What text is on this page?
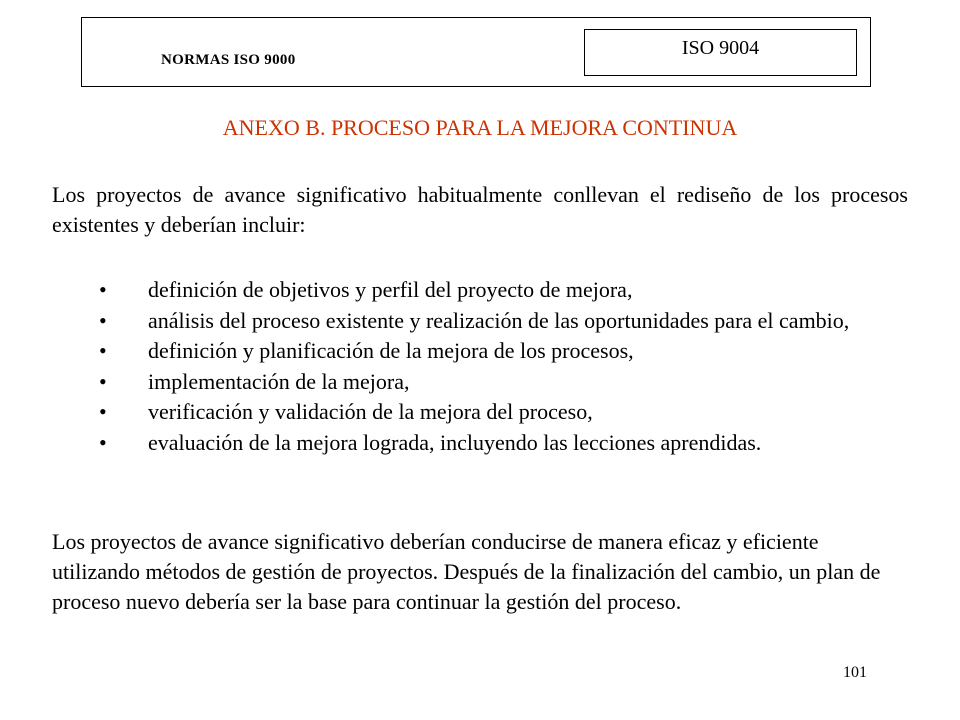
NORMAS ISO 9000
ISO 9004
ANEXO B. PROCESO PARA LA MEJORA CONTINUA

Los proyectos de avance significativo habitualmente conllevan el rediseño de los procesos existentes y deberían incluir:

• definición de objetivos y perfil del proyecto de mejora,
• análisis del proceso existente y realización de las oportunidades para el cambio,
• definición y planificación de la mejora de los procesos,
• implementación de la mejora,
• verificación y validación de la mejora del proceso,
• evaluación de la mejora lograda, incluyendo las lecciones aprendidas.

Los proyectos de avance significativo deberían conducirse de manera eficaz y eficiente utilizando métodos de gestión de proyectos. Después de la finalización del cambio, un plan de proceso nuevo debería ser la base para continuar la gestión del proceso.

101
